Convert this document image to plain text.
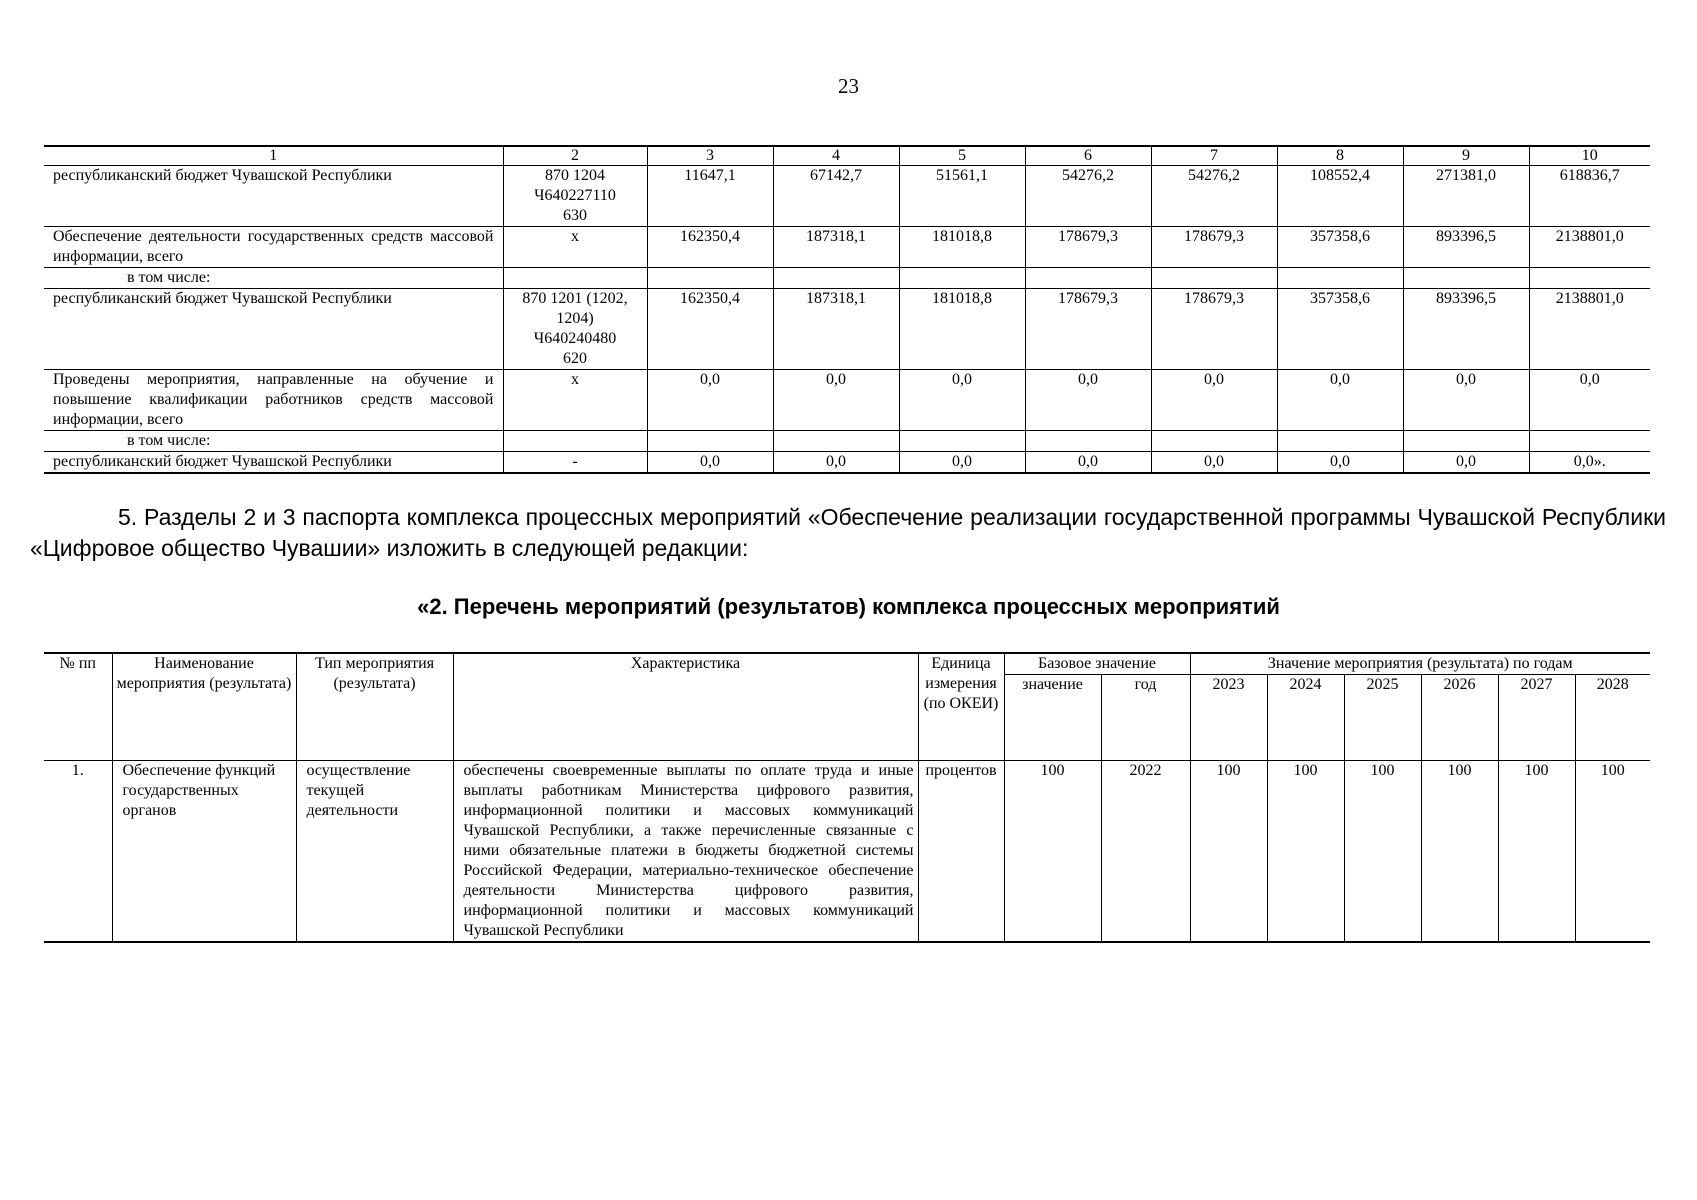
23
1	2	3	4	5	6	7	8	9	10
республиканский бюджет Чувашской Республики	870 1204
Ч640227110
630	11647,1	67142,7	51561,1	54276,2	54276,2	108552,4	271381,0	618836,7
Обеспечение деятельности государственных средств массовой информации, всего	x	162350,4	187318,1	181018,8	178679,3	178679,3	357358,6	893396,5	2138801,0
в том числе:	

республиканский бюджет Чувашской Республики	870 1201 (1202,
1204)
Ч640240480
620	162350,4	187318,1	181018,8	178679,3	178679,3	357358,6	893396,5	2138801,0
Проведены мероприятия, направленные на обучение и повышение квалификации работников средств массовой информации, всего	x	0,0	0,0	0,0	0,0	0,0	0,0	0,0	0,0
в том числе:	

республиканский бюджет Чувашской Республики	-	0,0	0,0	0,0	0,0	0,0	0,0	0,0	0,0».
5. Разделы 2 и 3 паспорта комплекса процессных мероприятий «Обеспечение реализации государственной программы Чувашской Республики «Цифровое общество Чувашии» изложить в следующей редакции:
«2. Перечень мероприятий (результатов) комплекса процессных мероприятий
№ пп	Наименование мероприятия (результата)	Тип мероприятия (результата)	Характеристика	Единица измерения (по ОКЕИ)	Базовое значение		Значение мероприятия (результата) по годам					
					значение	год	2023	2024	2025	2026	2027	2028
1.	Обеспечение функций государственных органов	осуществление текущей деятельности	обеспечены своевременные выплаты по оплате труда и иные выплаты работникам Министерства цифрового развития, информационной политики и массовых коммуникаций Чувашской Республики, а также перечисленные связанные с ними обязательные платежи в бюджеты бюджетной системы Российской Федерации, материально-техническое обеспечение деятельности Министерства цифрового развития, информационной политики и массовых коммуникаций Чувашской Республики	процентов	100	2022	100	100	100	100	100	100
